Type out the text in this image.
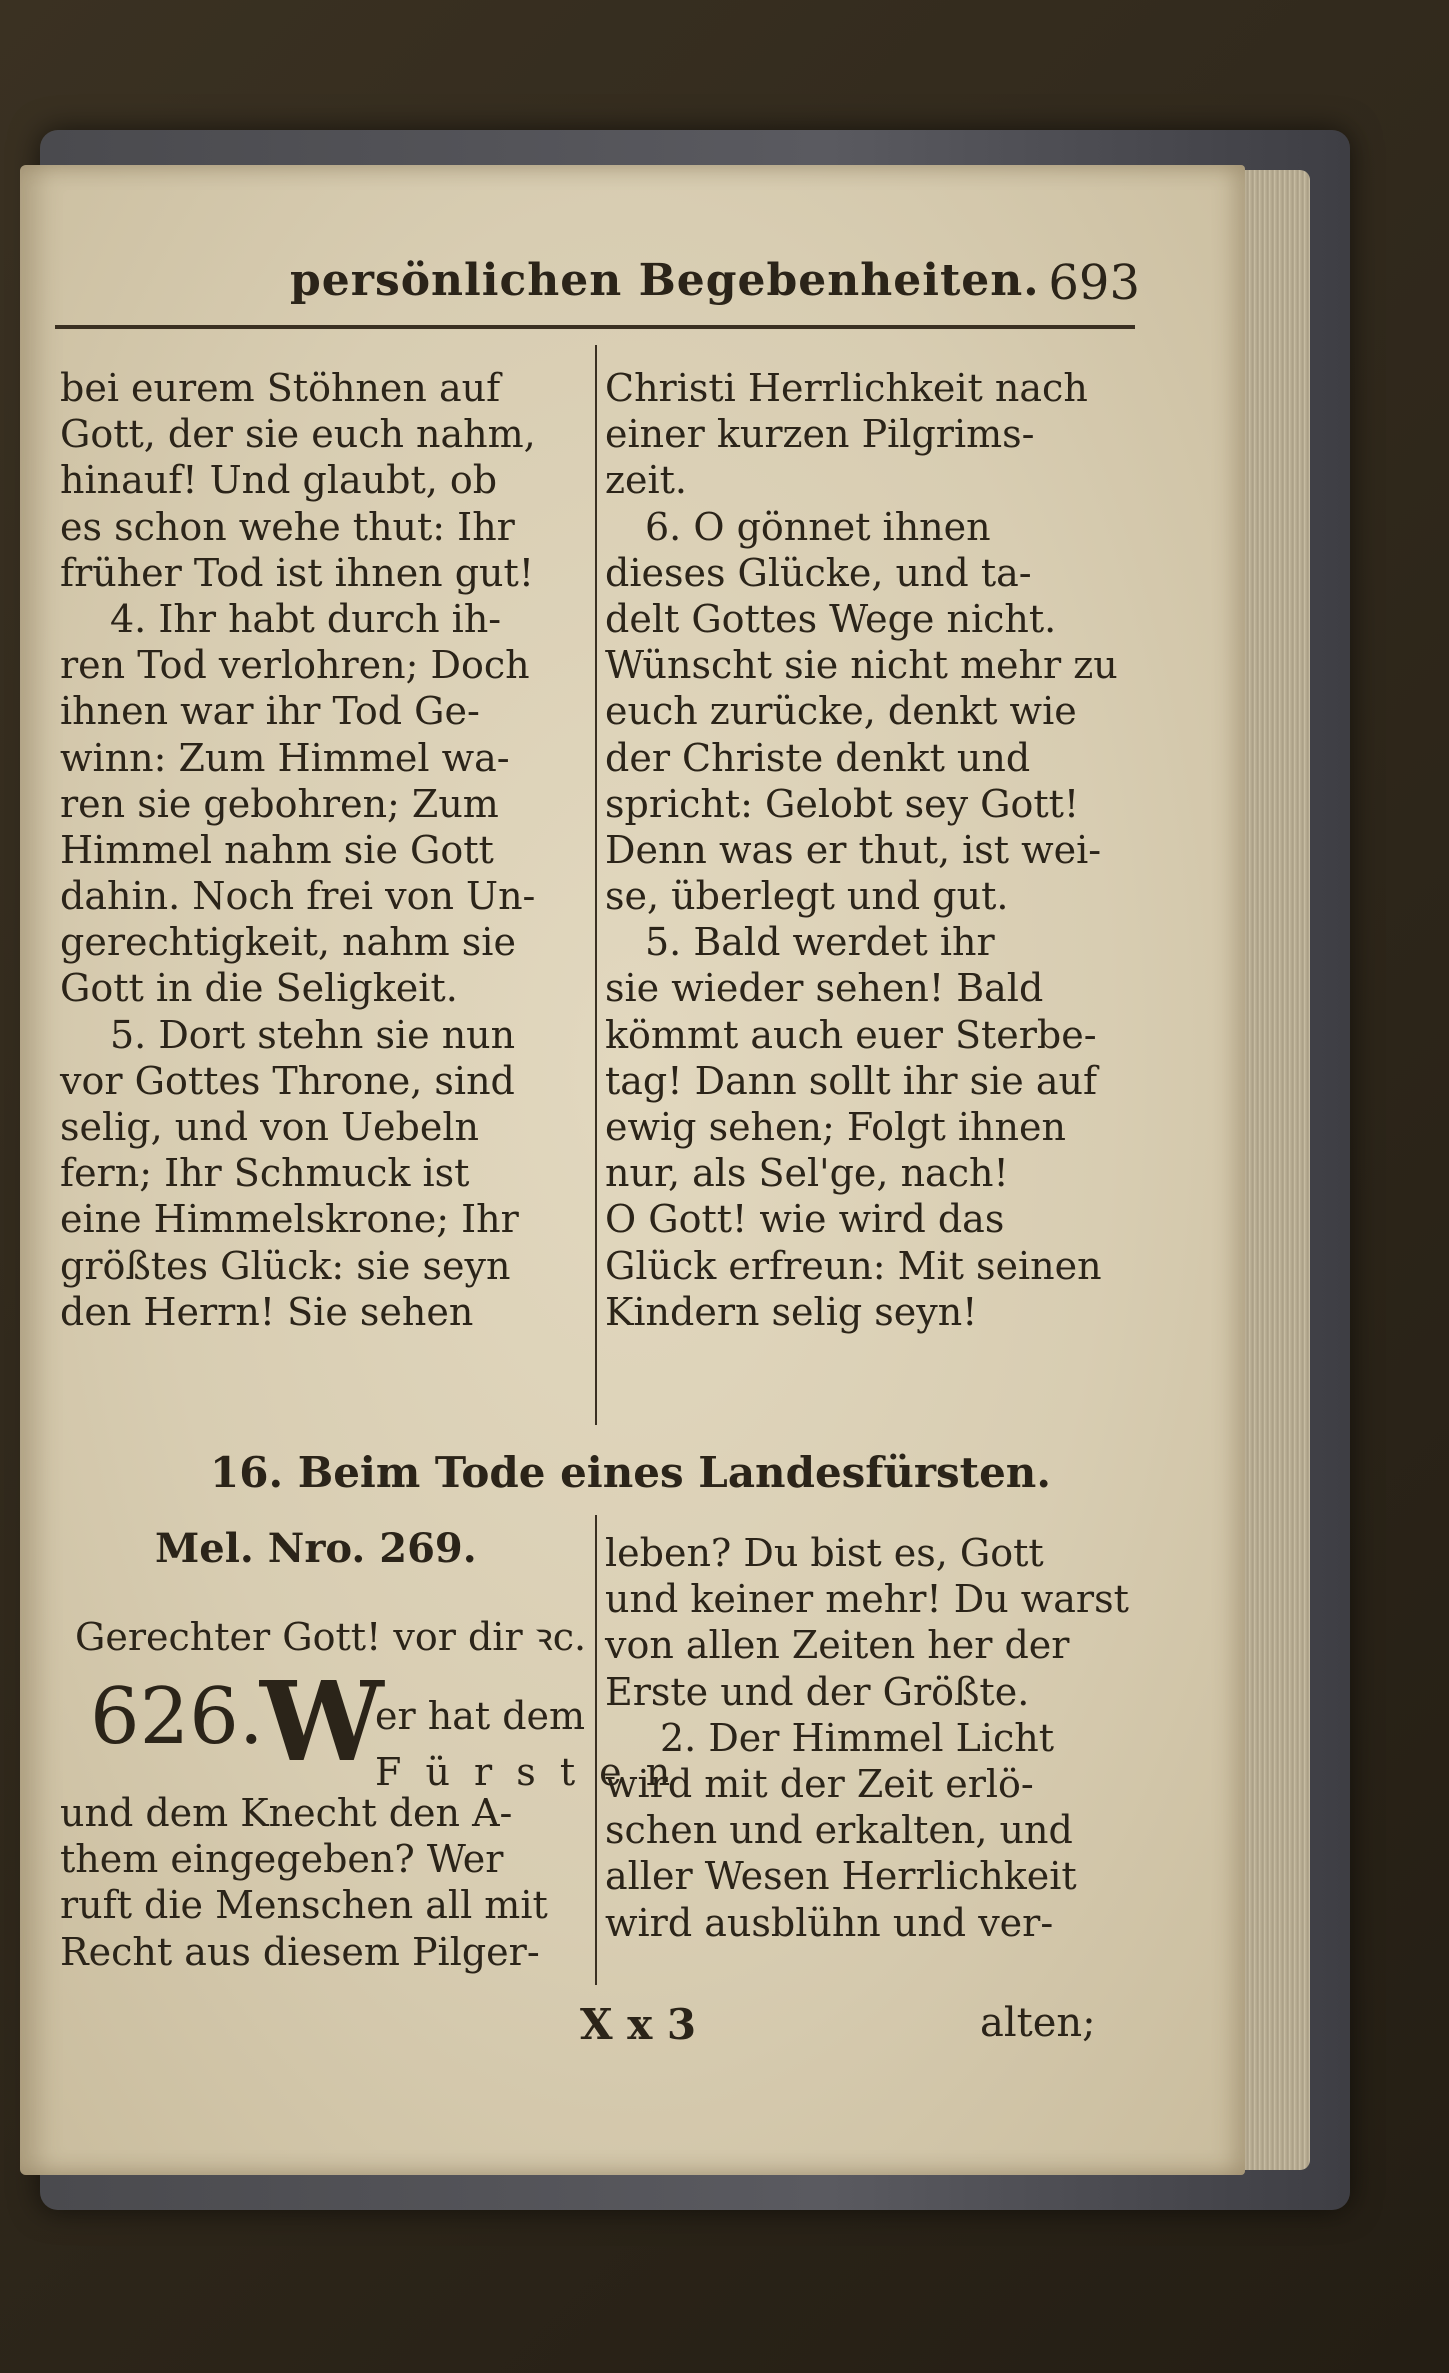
persönlichen Begebenheiten. 693
bei eurem Stöhnen auf
Gott, der sie euch nahm,
hinauf! Und glaubt, ob
es schon wehe thut: Ihr
früher Tod ist ihnen gut!
4. Ihr habt durch ih-
ren Tod verlohren; Doch
ihnen war ihr Tod Ge-
winn: Zum Himmel wa-
ren sie gebohren; Zum
Himmel nahm sie Gott
dahin. Noch frei von Un-
gerechtigkeit, nahm sie
Gott in die Seligkeit.
5. Dort stehn sie nun
vor Gottes Throne, sind
selig, und von Uebeln
fern; Ihr Schmuck ist
eine Himmelskrone; Ihr
größtes Glück: sie seyn
den Herrn! Sie sehen
Christi Herrlichkeit nach
einer kurzen Pilgrims-
zeit.
6. O gönnet ihnen
dieses Glücke, und ta-
delt Gottes Wege nicht.
Wünscht sie nicht mehr zu
euch zurücke, denkt wie
der Christe denkt und
spricht: Gelobt sey Gott!
Denn was er thut, ist wei-
se, überlegt und gut.
5. Bald werdet ihr
sie wieder sehen! Bald
kömmt auch euer Sterbe-
tag! Dann sollt ihr sie auf
ewig sehen; Folgt ihnen
nur, als Sel'ge, nach!
O Gott! wie wird das
Glück erfreun: Mit seinen
Kindern selig seyn!
16. Beim Tode eines Landesfürsten.
Mel. Nro. 269.
Gerechter Gott! vor dir ꝛc.
626.
W
er hat dem
F ü r s t e n
und dem Knecht den A-
them eingegeben? Wer
ruft die Menschen all mit
Recht aus diesem Pilger-
leben? Du bist es, Gott
und keiner mehr! Du warst
von allen Zeiten her der
Erste und der Größte.
2. Der Himmel Licht
wird mit der Zeit erlö-
schen und erkalten, und
aller Wesen Herrlichkeit
wird ausblühn und ver-
X x 3	alten;
